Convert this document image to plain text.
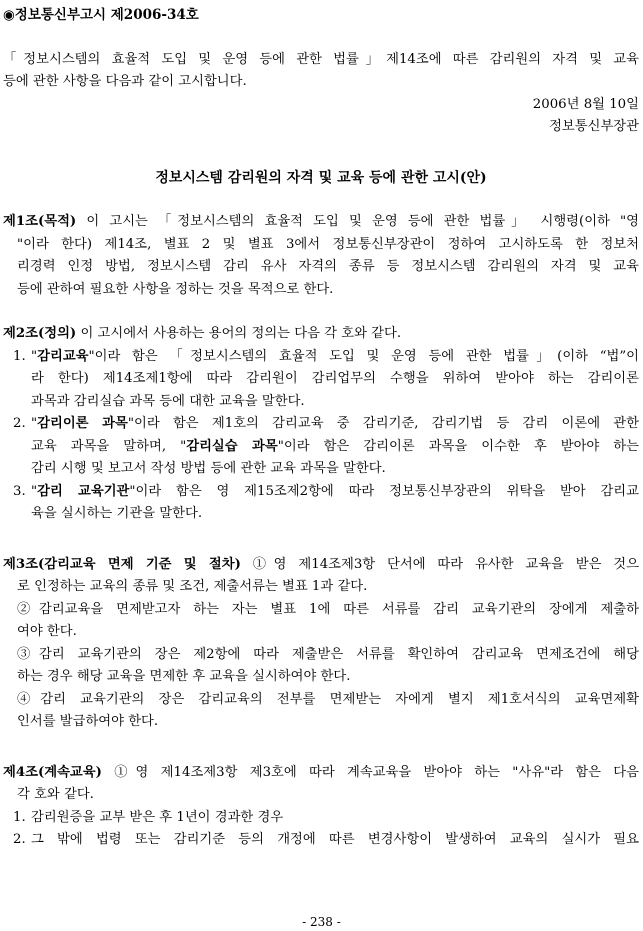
◉정보통신부고시 제2006-34호
「정보시스템의 효율적 도입 및 운영 등에 관한 법률」제14조에 따른 감리원의 자격 및 교육
등에 관한 사항을 다음과 같이 고시합니다.
2006년 8월 10일
정보통신부장관
정보시스템 감리원의 자격 및 교육 등에 관한 고시(안)
제1조(목적) 이 고시는 「정보시스템의 효율적 도입 및 운영 등에 관한 법률」 시행령(이하 "영
"이라 한다) 제14조, 별표 2 및 별표 3에서 정보통신부장관이 정하여 고시하도록 한 정보처
리경력 인정 방법, 정보시스템 감리 유사 자격의 종류 등 정보시스템 감리원의 자격 및 교육
등에 관하여 필요한 사항을 정하는 것을 목적으로 한다.
제2조(정의) 이 고시에서 사용하는 용어의 정의는 다음 각 호와 같다.
1. "감리교육"이라 함은 「정보시스템의 효율적 도입 및 운영 등에 관한 법률」(이하 “법”이
라 한다) 제14조제1항에 따라 감리원이 감리업무의 수행을 위하여 받아야 하는 감리이론
과목과 감리실습 과목 등에 대한 교육을 말한다.
2. "감리이론 과목"이라 함은 제1호의 감리교육 중 감리기준, 감리기법 등 감리 이론에 관한
교육 과목을 말하며, "감리실습 과목"이라 함은 감리이론 과목을 이수한 후 받아야 하는
감리 시행 및 보고서 작성 방법 등에 관한 교육 과목을 말한다.
3. "감리 교육기관"이라 함은 영 제15조제2항에 따라 정보통신부장관의 위탁을 받아 감리교
육을 실시하는 기관을 말한다.
제3조(감리교육 면제 기준 및 절차) ①영 제14조제3항 단서에 따라 유사한 교육을 받은 것으
로 인정하는 교육의 종류 및 조건, 제출서류는 별표 1과 같다.
②감리교육을 면제받고자 하는 자는 별표 1에 따른 서류를 감리 교육기관의 장에게 제출하
여야 한다.
③감리 교육기관의 장은 제2항에 따라 제출받은 서류를 확인하여 감리교육 면제조건에 해당
하는 경우 해당 교육을 면제한 후 교육을 실시하여야 한다.
④감리 교육기관의 장은 감리교육의 전부를 면제받는 자에게 별지 제1호서식의 교육면제확
인서를 발급하여야 한다.
제4조(계속교육) ①영 제14조제3항 제3호에 따라 계속교육을 받아야 하는 "사유"라 함은 다음
각 호와 같다.
1. 감리원증을 교부 받은 후 1년이 경과한 경우
2. 그 밖에 법령 또는 감리기준 등의 개정에 따른 변경사항이 발생하여 교육의 실시가 필요
- 238 -
